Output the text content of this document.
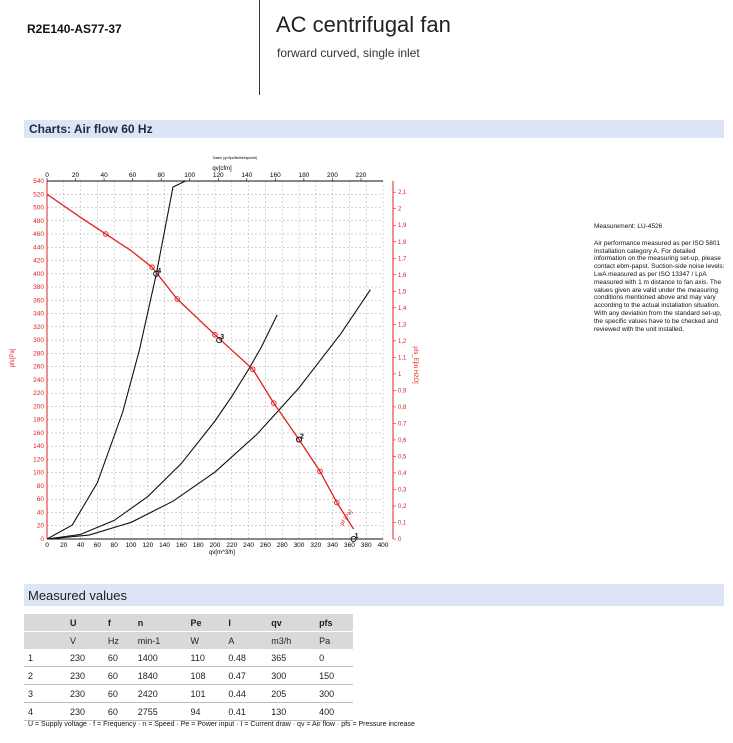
R2E140-AS77-37	AC centrifugal fan
forward curved, single inlet
Charts: Air flow 60 Hz
Daten (qv/fps/Betriebspunkt)
qv[cfm]
0
20
40
60
80
100
120
140
160
180
200
220
240
260
280
300
320
340
360
380
400
420
440
460
480
500
520
540
0 20 40 60 80 100 120 140 160 180 200 220 240 260 280 300 320 340 360 380 400
0	20	40	60	80	100	120	140	160	180	200	220
0
0,1
0,2
0,3
0,4
0,5
0,6
0,7
0,8
0,9
1
1,1
1,2
1,3
1,4
1,5
1,6
1,7
1,8
1,9
2
2,1
pf [Pa]
1
2
3
4
qv[m^3/h]
pfs[Pa]	pfs_E[in H2O]
Measurement: LU-4526
Air performance measured as per ISO 5801 Installation category A. For detailed information on the measuring set-up, please contact ebm-papst. Suction-side noise levels: LwA measured as per ISO 13347 / LpA measured with 1 m distance to fan axis. The values given are valid under the measuring conditions mentioned above and may vary according to the actual installation situation. With any deviation from the standard set-up, the specific values have to be checked and reviewed with the unit installed.
Measured values
	U	f	n	Pe	I	qv	pfs
	V	Hz	min-1	W	A	m3/h	Pa
1	230	60	1400	110	0.48	365	0
2	230	60	1840	108	0.47	300	150
3	230	60	2420	101	0.44	205	300
4	230	60	2755	94	0.41	130	400
U = Supply voltage · f = Frequency · n = Speed · Pe = Power input · I = Current draw · qv = Air flow · pfs = Pressure increase
